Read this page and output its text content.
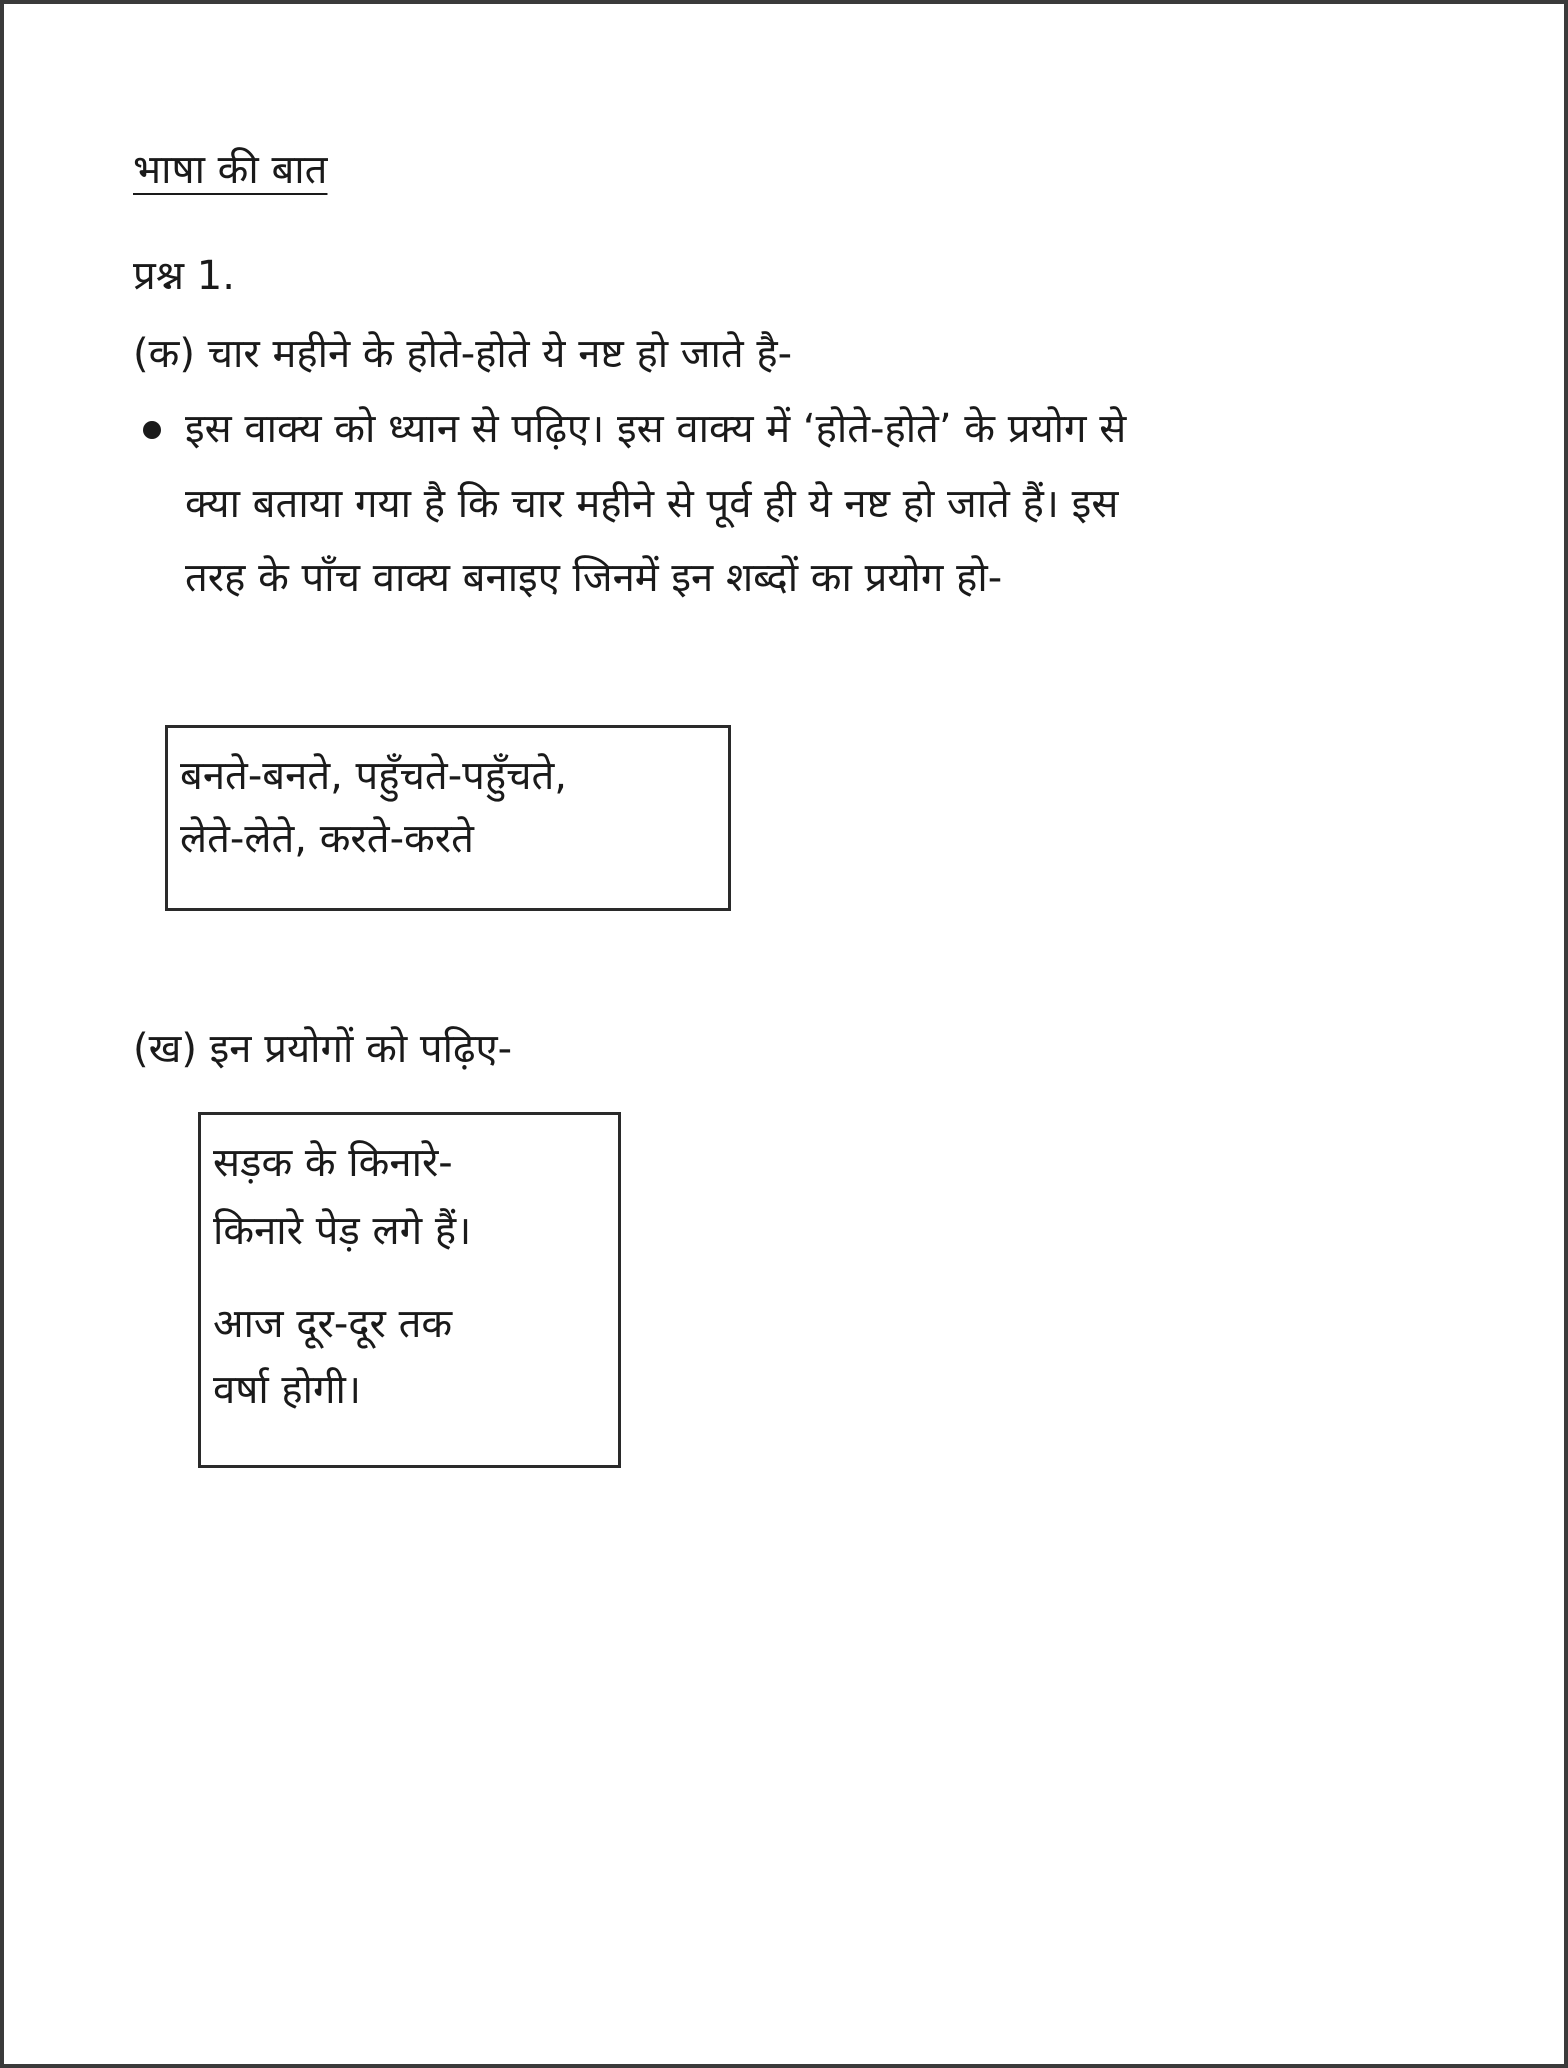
भाषा की बात
प्रश्न 1.
(क) चार महीने के होते-होते ये नष्ट हो जाते है-
इस वाक्य को ध्यान से पढ़िए। इस वाक्य में ‘होते-होते’ के प्रयोग से
क्या बताया गया है कि चार महीने से पूर्व ही ये नष्ट हो जाते हैं। इस
तरह के पाँच वाक्य बनाइए जिनमें इन शब्दों का प्रयोग हो-
बनते-बनते, पहुँचते-पहुँचते,
लेते-लेते, करते-करते
(ख) इन प्रयोगों को पढ़िए-
सड़क के किनारे-
किनारे पेड़ लगे हैं।
आज दूर-दूर तक
वर्षा होगी।
